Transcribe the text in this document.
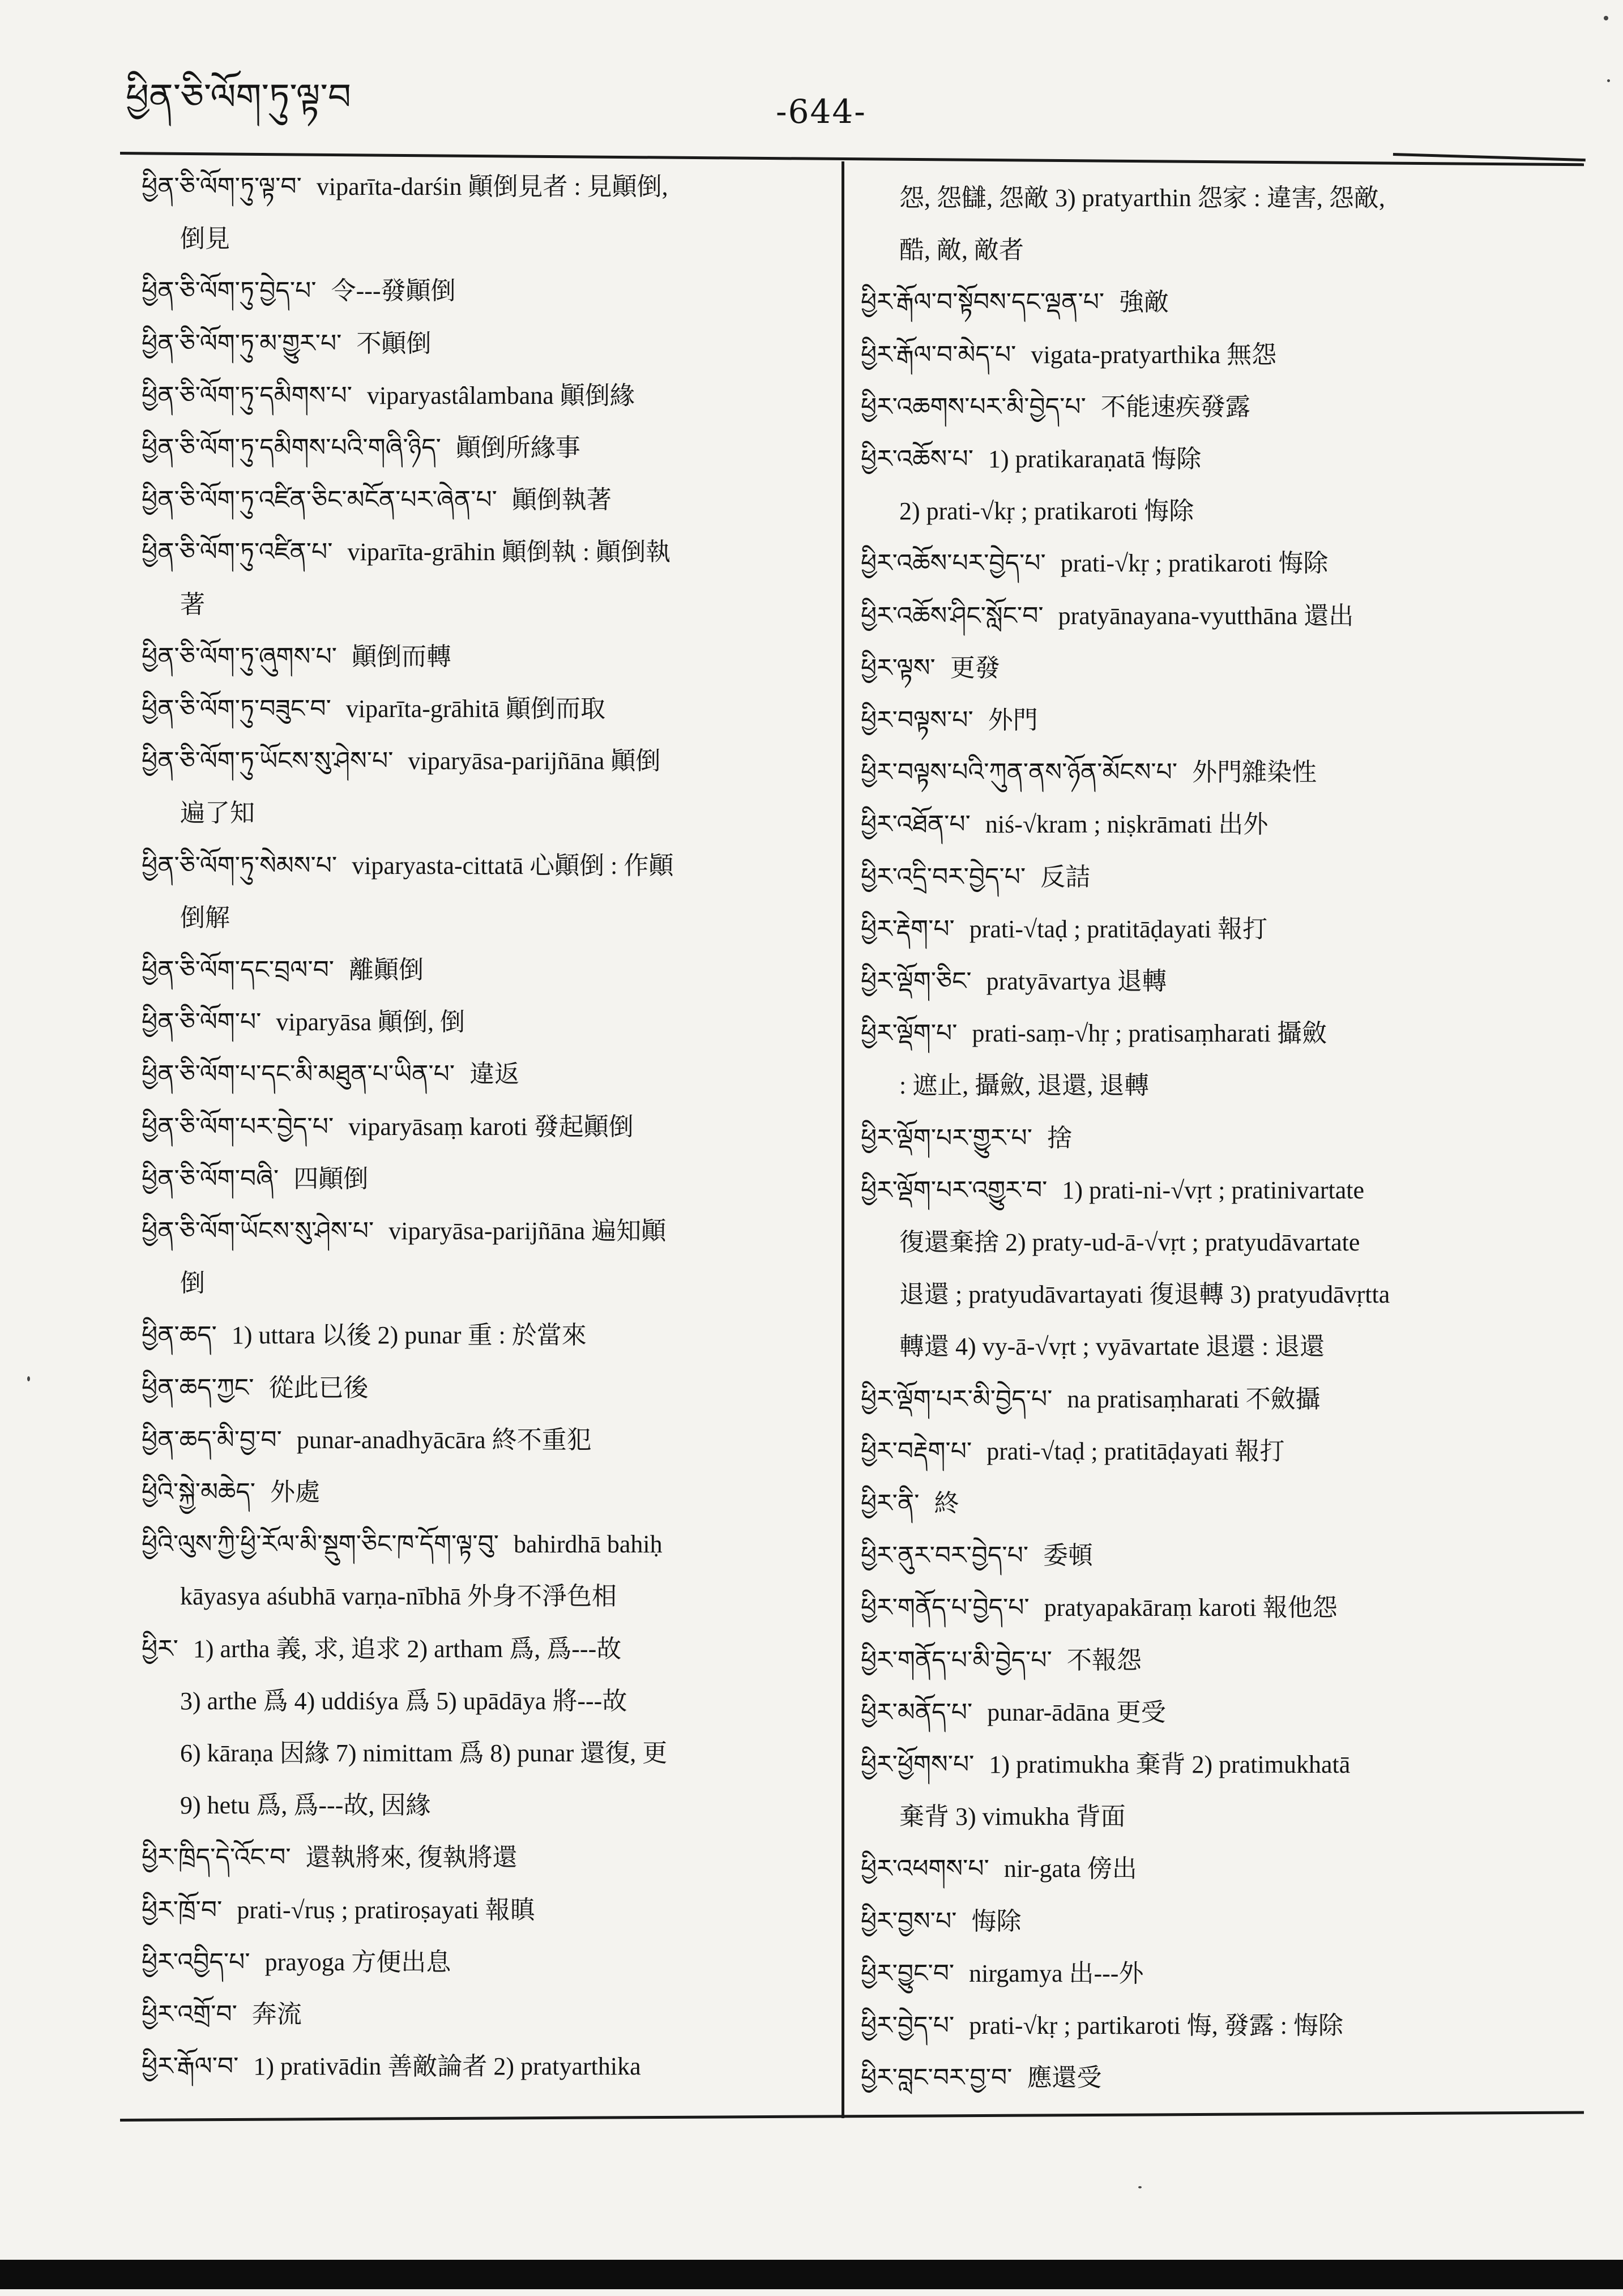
ཕྱིན་ཅི་ལོག་ཏུ་ལྟ་བ	-644-
ཕྱིན་ཅི་ལོག་ཏུ་ལྟ་བ་ viparīta-darśin 顚倒見者 : 見顚倒,
倒見
ཕྱིན་ཅི་ལོག་ཏུ་བྱེད་པ་ 令---發顚倒
ཕྱིན་ཅི་ལོག་ཏུ་མ་གྱུར་པ་ 不顚倒
ཕྱིན་ཅི་ལོག་ཏུ་དམིགས་པ་ viparyastâlambana 顚倒緣
ཕྱིན་ཅི་ལོག་ཏུ་དམིགས་པའི་གཞི་ཉིད་ 顚倒所緣事
ཕྱིན་ཅི་ལོག་ཏུ་འཛིན་ཅིང་མངོན་པར་ཞེན་པ་ 顚倒執著
ཕྱིན་ཅི་ལོག་ཏུ་འཛིན་པ་ viparīta-grāhin 顚倒執 : 顚倒執
著
ཕྱིན་ཅི་ལོག་ཏུ་ཞུགས་པ་ 顚倒而轉
ཕྱིན་ཅི་ལོག་ཏུ་བཟུང་བ་ viparīta-grāhitā 顚倒而取
ཕྱིན་ཅི་ལོག་ཏུ་ཡོངས་སུ་ཤེས་པ་ viparyāsa-parijñāna 顚倒
遍了知
ཕྱིན་ཅི་ལོག་ཏུ་སེམས་པ་ viparyasta-cittatā 心顚倒 : 作顚
倒解
ཕྱིན་ཅི་ལོག་དང་བྲལ་བ་ 離顚倒
ཕྱིན་ཅི་ལོག་པ་ viparyāsa 顚倒, 倒
ཕྱིན་ཅི་ལོག་པ་དང་མི་མཐུན་པ་ཡིན་པ་ 違返
ཕྱིན་ཅི་ལོག་པར་བྱེད་པ་ viparyāsaṃ karoti 發起顚倒
ཕྱིན་ཅི་ལོག་བཞི་ 四顚倒
ཕྱིན་ཅི་ལོག་ཡོངས་སུ་ཤེས་པ་ viparyāsa-parijñāna 遍知顚
倒
ཕྱིན་ཆད་ 1) uttara 以後 2) punar 重 : 於當來
ཕྱིན་ཆད་ཀྱང་ 從此已後
ཕྱིན་ཆད་མི་བྱ་བ་ punar-anadhyācāra 終不重犯
ཕྱིའི་སྐྱེ་མཆེད་ 外處
ཕྱིའི་ལུས་ཀྱི་ཕྱི་རོལ་མི་སྡུག་ཅིང་ཁ་དོག་ལྟ་བུ་ bahirdhā bahiḥ
kāyasya aśubhā varṇa-nībhā 外身不淨色相
ཕྱིར་ 1) artha 義, 求, 追求 2) artham 爲, 爲---故
3) arthe 爲 4) uddiśya 爲 5) upādāya 將---故
6) kāraṇa 因緣 7) nimittam 爲 8) punar 還復, 更
9) hetu 爲, 爲---故, 因緣
ཕྱིར་ཁྲིད་དེ་འོང་བ་ 還執將來, 復執將還
ཕྱིར་ཁྲོ་བ་ prati-√ruṣ ; pratiroṣayati 報瞋
ཕྱིར་འབྱིད་པ་ prayoga 方便出息
ཕྱིར་འགྲོ་བ་ 奔流
ཕྱིར་རྒོལ་བ་ 1) prativādin 善敵論者 2) pratyarthika
怨, 怨讎, 怨敵 3) pratyarthin 怨家 : 違害, 怨敵,
酷, 敵, 敵者
ཕྱིར་རྒོལ་བ་སྟོབས་དང་ལྡན་པ་ 強敵
ཕྱིར་རྒོལ་བ་མེད་པ་ vigata-pratyarthika 無怨
ཕྱིར་འཆགས་པར་མི་བྱེད་པ་ 不能速疾發露
ཕྱིར་འཆོས་པ་ 1) pratikaraṇatā 悔除
2) prati-√kṛ ; pratikaroti 悔除
ཕྱིར་འཆོས་པར་བྱེད་པ་ prati-√kṛ ; pratikaroti 悔除
ཕྱིར་འཆོས་ཤིང་སློང་བ་ pratyānayana-vyutthāna 還出
ཕྱིར་ལྟས་ 更發
ཕྱིར་བལྟས་པ་ 外門
ཕྱིར་བལྟས་པའི་ཀུན་ནས་ཉོན་མོངས་པ་ 外門雜染性
ཕྱིར་འཐོན་པ་ niś-√kram ; niṣkrāmati 出外
ཕྱིར་འདྲི་བར་བྱེད་པ་ 反詰
ཕྱིར་རྡེག་པ་ prati-√taḍ ; pratitāḍayati 報打
ཕྱིར་ལྡོག་ཅིང་ pratyāvartya 退轉
ཕྱིར་ལྡོག་པ་ prati-saṃ-√hṛ ; pratisaṃharati 攝斂
: 遮止, 攝斂, 退還, 退轉
ཕྱིར་ལྡོག་པར་གྱུར་པ་ 捨
ཕྱིར་ལྡོག་པར་འགྱུར་བ་ 1) prati-ni-√vṛt ; pratinivartate
復還棄捨 2) praty-ud-ā-√vṛt ; pratyudāvartate
退還 ; pratyudāvartayati 復退轉 3) pratyudāvṛtta
轉還 4) vy-ā-√vṛt ; vyāvartate 退還 : 退還
ཕྱིར་ལྡོག་པར་མི་བྱེད་པ་ na pratisaṃharati 不斂攝
ཕྱིར་བརྡེག་པ་ prati-√taḍ ; pratitāḍayati 報打
ཕྱིར་ནི་ 終
ཕྱིར་ནུར་བར་བྱེད་པ་ 委頓
ཕྱིར་གནོད་པ་བྱེད་པ་ pratyapakāraṃ karoti 報他怨
ཕྱིར་གནོད་པ་མི་བྱེད་པ་ 不報怨
ཕྱིར་མནོད་པ་ punar-ādāna 更受
ཕྱིར་ཕྱོགས་པ་ 1) pratimukha 棄背 2) pratimukhatā
棄背 3) vimukha 背面
ཕྱིར་འཕགས་པ་ nir-gata 傍出
ཕྱིར་བྱས་པ་ 悔除
ཕྱིར་བྱུང་བ་ nirgamya 出---外
ཕྱིར་བྱེད་པ་ prati-√kṛ ; partikaroti 悔, 發露 : 悔除
ཕྱིར་བླང་བར་བྱ་བ་ 應還受
